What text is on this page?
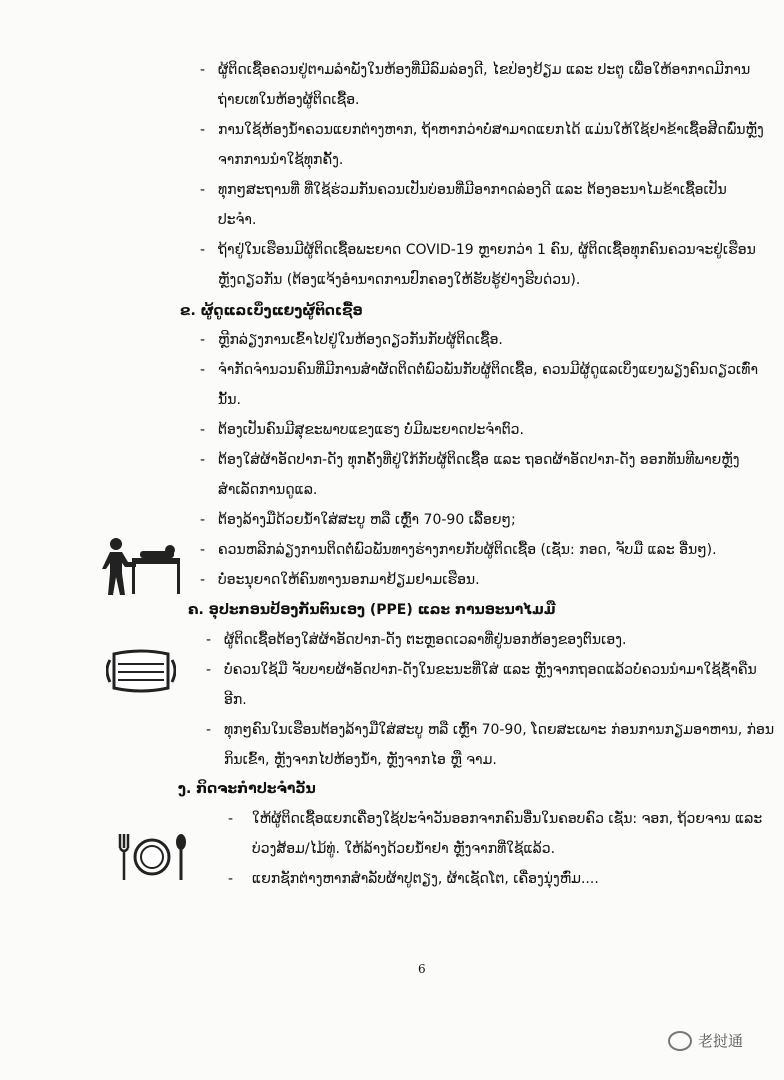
- ຜູ້ຕິດເຊື້ອຄວນຢູ່ຕາມລຳພັງໃນຫ້ອງທີ່ມີລົມລ່ອງດີ, ໄຂປ່ອງຢ້ຽມ ແລະ ປະຕູ ເພື່ອໃຫ້ອາກາດມີການ
ຖ່າຍເທໃນຫ້ອງຜູ້ຕິດເຊື້ອ.
- ການໃຊ້ຫ້ອງນ້ຳຄວນແຍກຕ່າງຫາກ, ຖ້າຫາກວ່າບໍ່ສາມາດແຍກໄດ້ ແມ່ນໃຫ້ໃຊ້ຢາຂ້າເຊື້ອສີດພົ່ນຫຼັງ
ຈາກການນຳໃຊ້ທຸກຄັ້ງ.
- ທຸກໆສະຖານທີ່ ທີ່ໃຊ້ຮ່ວມກັນຄວນເປັນບ່ອນທີ່ມີອາກາດລ່ອງດີ ແລະ ຕ້ອງອະນາໄມຂ້າເຊື້ອເປັນ
ປະຈຳ.
- ຖ້າຢູ່ໃນເຮືອນມີຜູ້ຕິດເຊື້ອພະຍາດ COVID-19 ຫຼາຍກວ່າ 1 ຄົນ, ຜູ້ຕິດເຊື້ອທຸກຄົນຄວນຈະຢູ່ເຮືອນ
ຫຼັງດຽວກັນ (ຕ້ອງແຈ້ງອຳນາດການປົກຄອງໃຫ້ຮັບຮູ້ຢ່າງຮີບດ່ວນ).
ຂ. ຜູ້ດູແລເບິ່ງແຍງຜູ້ຕິດເຊື້ອ
- ຫຼີກລ່ຽງການເຂົ້າໄປຢູ່ໃນຫ້ອງດຽວກັນກັບຜູ້ຕິດເຊື້ອ.
- ຈຳກັດຈຳນວນຄົນທີ່ມີການສຳຜັດຕິດຕໍ່ພົວພັນກັບຜູ້ຕິດເຊື້ອ, ຄວນມີຜູ້ດູແລເບິ່ງແຍງພຽງຄົນດຽວເທົ່າ
ນັ້ນ.
- ຕ້ອງເປັນຄົນມີສຸຂະພາບແຂງແຮງ ບໍ່ມີພະຍາດປະຈຳຕົວ.
- ຕ້ອງໃສ່ຜ້າອັດປາກ-ດັງ ທຸກຄັ້ງທີ່ຢູ່ໃກ້ກັບຜູ້ຕິດເຊື້ອ ແລະ ຖອດຜ້າອັດປາກ-ດັງ ອອກທັນທີພາຍຫຼັງ
ສຳເລັດການດູແລ.
- ຕ້ອງລ້າງມືດ້ວຍນ້ຳໃສ່ສະບູ ຫລື ເຫຼົ້າ 70-90 ເລື້ອຍໆ;
- ຄວນຫລີກລ່ຽງການຕິດຕໍ່ພົວພັນທາງຮ່າງກາຍກັບຜູ້ຕິດເຊື້ອ (ເຊັ່ນ: ກອດ, ຈັບມື ແລະ ອື່ນໆ).
- ບໍ່ອະນຸຍາດໃຫ້ຄົນທາງນອກມາຢ້ຽມຢາມເຮືອນ.
ຄ. ອຸປະກອນປ້ອງກັນຕົນເອງ (PPE) ແລະ ການອະນາໄມມື
- ຜູ້ຕິດເຊື້ອຕ້ອງໃສ່ຜ້າອັດປາກ-ດັງ ຕະຫຼອດເວລາທີ່ຢູ່ນອກຫ້ອງຂອງຕົນເອງ.
- ບໍ່ຄວນໃຊ້ມື ຈັບບາຍຜ້າອັດປາກ-ດັງໃນຂະນະທີ່ໃສ່ ແລະ ຫຼັງຈາກຖອດແລ້ວບໍ່ຄວນນຳມາໃຊ້ຊ້ຳຄືນ
ອີກ.
- ທຸກໆຄົນໃນເຮືອນຕ້ອງລ້າງມືໃສ່ສະບູ ຫລື ເຫຼົ້າ 70-90, ໂດຍສະເພາະ ກ່ອນການກຽມອາຫານ, ກ່ອນ
ກິນເຂົ້າ, ຫຼັງຈາກໄປຫ້ອງນ້ຳ, ຫຼັງຈາກໄອ ຫຼື ຈາມ.
ງ. ກິດຈະກຳປະຈຳວັນ
- ໃຫ້ຜູ້ຕິດເຊື້ອແຍກເຄື່ອງໃຊ້ປະຈຳວັນອອກຈາກຄົນອື່ນໃນຄອບຄົວ ເຊັ່ນ: ຈອກ, ຖ້ວຍຈານ ແລະ
ບ່ວງສ້ອມ/ໄມ້ທູ່. ໃຫ້ລ້າງດ້ວຍນ້ຳຢາ ຫຼັງຈາກທີ່ໃຊ້ແລ້ວ.
- ແຍກຊັກຕ່າງຫາກສຳລັບຜ້າປູຕຽງ, ຜ້າເຊັດໂຕ, ເຄື່ອງນຸ່ງຫົ່ມ....
6
老挝通
